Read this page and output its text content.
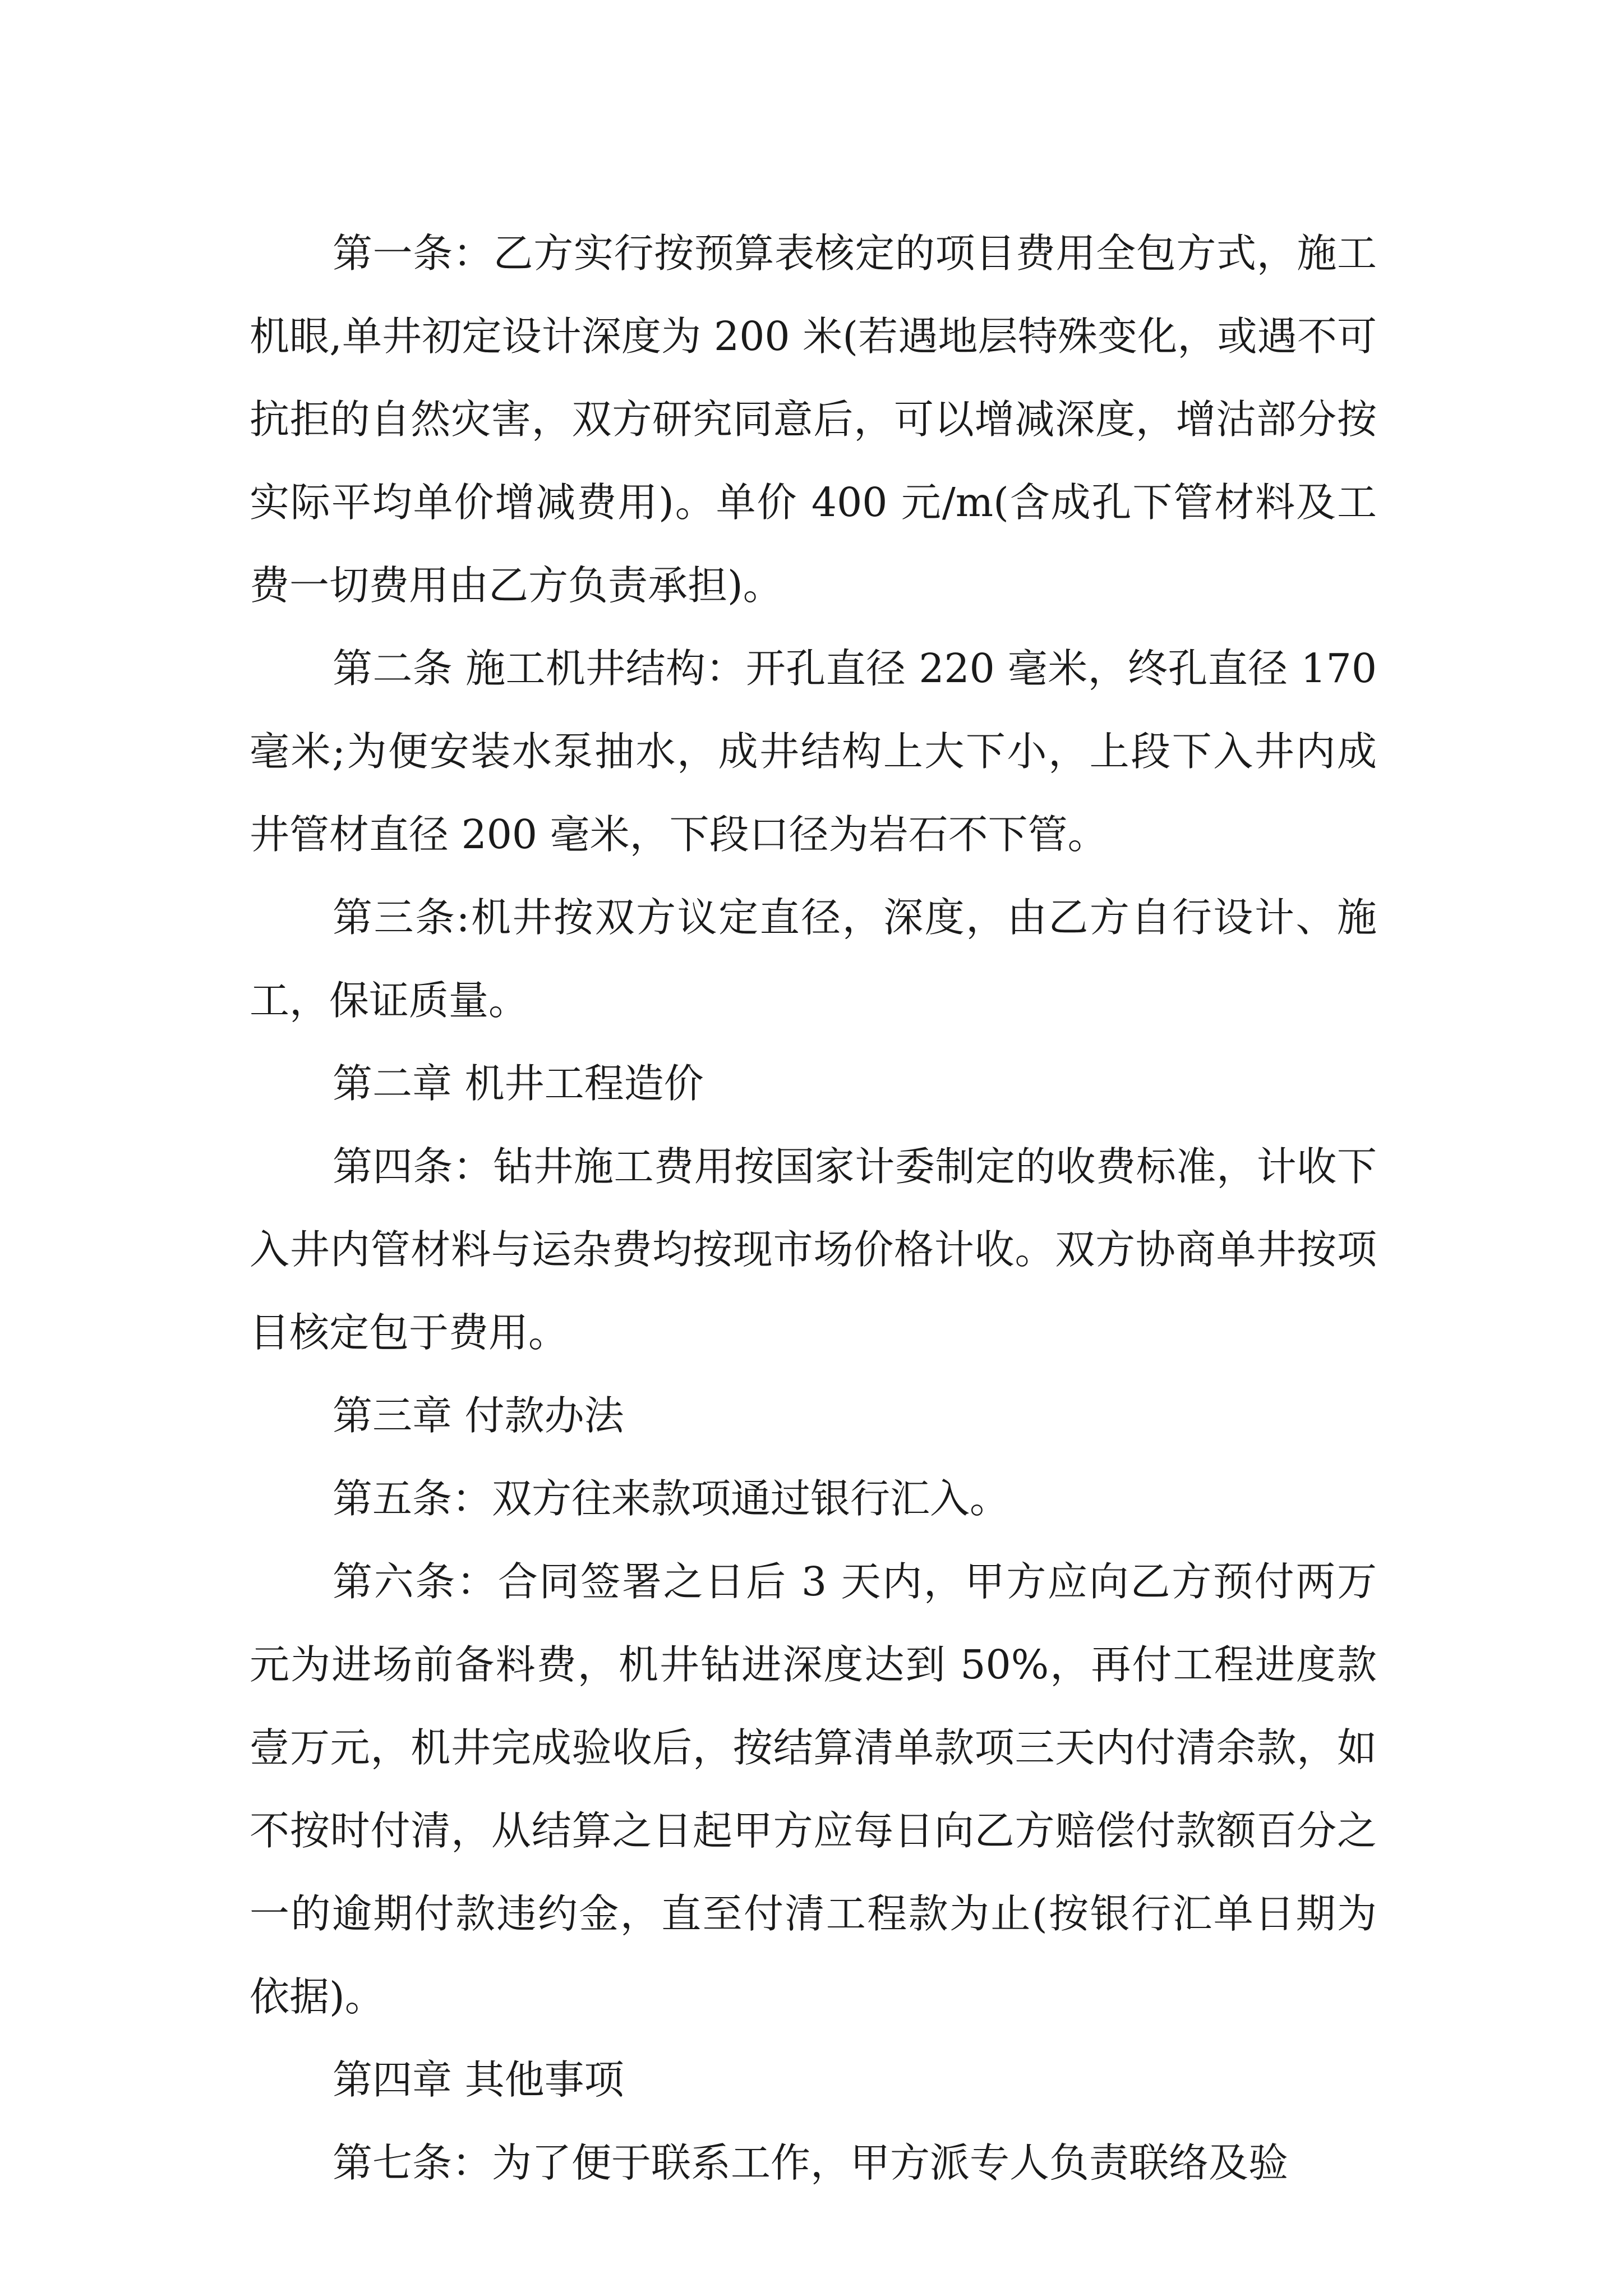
第一条：乙方实行按预算表核定的项目费用全包方式，施工机眼,单井初定设计深度为 200 米(若遇地层特殊变化，或遇不可抗拒的自然灾害，双方研究同意后，可以增减深度，增沽部分按实际平均单价增减费用)。单价 400 元/m(含成孔下管材料及工费一切费用由乙方负责承担)。

第二条 施工机井结构：开孔直径 220 毫米，终孔直径 170 毫米;为便安装水泵抽水，成井结构上大下小，上段下入井内成井管材直径 200 毫米，下段口径为岩石不下管。

第三条:机井按双方议定直径，深度，由乙方自行设计、施工，保证质量。

第二章 机井工程造价

第四条：钻井施工费用按国家计委制定的收费标准，计收下入井内管材料与运杂费均按现市场价格计收。双方协商单井按项目核定包于费用。

第三章 付款办法

第五条：双方往来款项通过银行汇入。

第六条：合同签署之日后 3 天内，甲方应向乙方预付两万元为进场前备料费，机井钻进深度达到 50%，再付工程进度款壹万元，机井完成验收后，按结算清单款项三天内付清余款，如不按时付清，从结算之日起甲方应每日向乙方赔偿付款额百分之一的逾期付款违约金，直至付清工程款为止(按银行汇单日期为依据)。

第四章 其他事项

第七条：为了便于联系工作，甲方派专人负责联络及验
